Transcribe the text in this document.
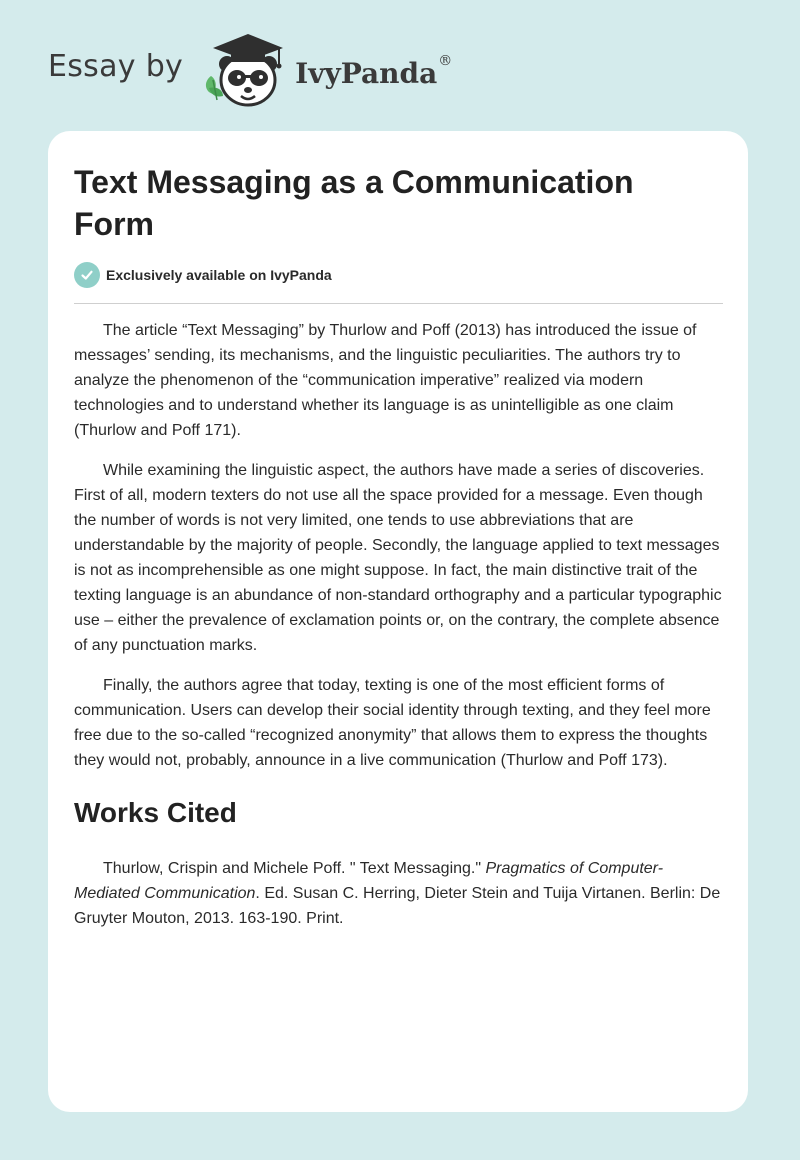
Essay by	IvyPanda®
Text Messaging as a Communication Form
Exclusively available on IvyPanda

The article “Text Messaging” by Thurlow and Poff (2013) has introduced the issue of messages’ sending, its mechanisms, and the linguistic peculiarities. The authors try to analyze the phenomenon of the “communication imperative” realized via modern technologies and to understand whether its language is as unintelligible as one claim (Thurlow and Poff 171).

While examining the linguistic aspect, the authors have made a series of discoveries. First of all, modern texters do not use all the space provided for a message. Even though the number of words is not very limited, one tends to use abbreviations that are understandable by the majority of people. Secondly, the language applied to text messages is not as incomprehensible as one might suppose. In fact, the main distinctive trait of the texting language is an abundance of non-standard orthography and a particular typographic use – either the prevalence of exclamation points or, on the contrary, the complete absence of any punctuation marks.

Finally, the authors agree that today, texting is one of the most efficient forms of communication. Users can develop their social identity through texting, and they feel more free due to the so-called “recognized anonymity” that allows them to express the thoughts they would not, probably, announce in a live communication (Thurlow and Poff 173).

Works Cited

Thurlow, Crispin and Michele Poff. " Text Messaging." Pragmatics of Computer-Mediated Communication. Ed. Susan C. Herring, Dieter Stein and Tuija Virtanen. Berlin: De Gruyter Mouton, 2013. 163-190. Print.
